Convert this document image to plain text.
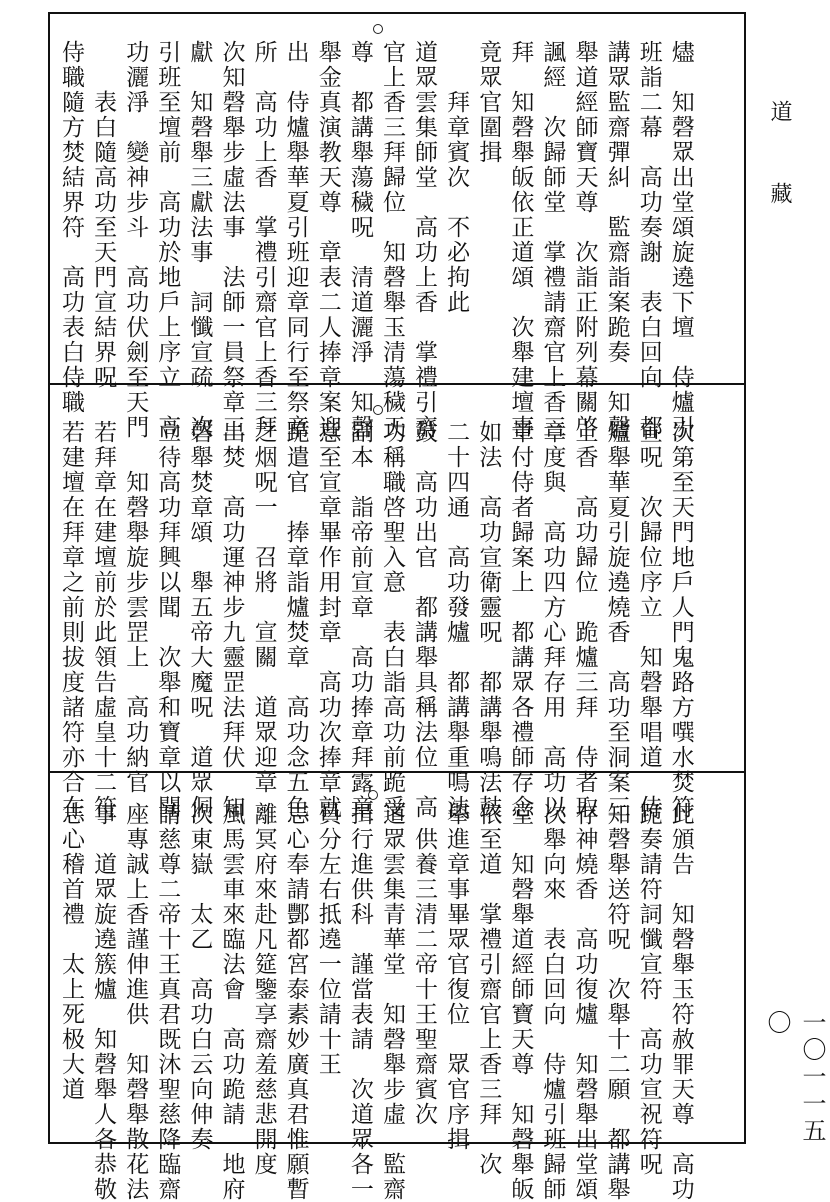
道
藏
一〇一一五〇
燼　知磬眾出堂頌旋遶下壇　侍爐引
班詣二幕　高功奏謝　表白回向　都
講眾監齋彈糾　監齋詣案跪奏　知磬
舉道經師寶天尊　次詣正附列幕關啓
諷經　次歸師堂　掌禮請齋官上香三
拜　知磬舉皈依正道頌　次舉建壇事
竟眾官圍揖
　　拜章賓次　不必拘此
道眾雲集師堂　高功上香　掌禮引齋
官上香三拜歸位　知磬舉玉清蕩穢天
尊　都講舉蕩穢呪　清道灑淨　知磬
舉金真演教天尊　章表二人捧章案迎
出　侍爐舉華夏引班迎章同行至祭章
所　高功上香　掌禮引齋官上香三拜
次知磬舉步虛法事　法師一員祭章三
獻　知磬舉三獻法事　詞懺宣疏　次
引班至壇前　高功於地戶上序立　高
功灑淨　變神步斗　高功伏劍至天門
　　表白隨高功至天門宣結界呪
侍職隨方焚結界符　高功表白侍職
次第至天門地戶人門鬼路方噀水焚符
宣呪　次歸位序立　知磬舉唱道　侍
爐舉華夏引旋遶燒香　高功至洞案三
上香　高功歸位　跪爐三拜　侍者取
章度與　高功四方心拜存用　高功以
章付侍者歸案上　都講眾各禮師存念
如法　高功宣衛靈呪　都講舉鳴法鼓
二十四通　高功發爐　都講舉重鳴法
鼓　高功出官　都講舉具稱法位　高
功稱職啓聖入意　表白詣高功前跪受
副本　詣帝前宣章　高功捧章拜露章
意至宣章畢作用封章　高功次捧章就
跪遣官　捧章詣爐焚章　高功念五色
之烟呪一　召將　宣關　道眾迎章
出焚　高功運神步九靈罡法拜伏　知
磬舉焚章頌　舉五帝大魔呪　道眾侗
立待高功拜興以聞　次舉和寶章以聞
　　知磬舉旋步雲罡上　高功納官
若拜章在建壇前於此領告虛皇十二符
若建壇在拜章之前則拔度諸符亦合在
此頒告　知磬舉玉符赦罪天尊　高功
跪奏請符詞懺宣符　高功宣祝符呪
知磬舉送符呪　次舉十二願　都講舉
存神燒香　高功復爐　知磬舉出堂頌
次舉向來　表白回向　侍爐引班歸師
堂　知磬舉道經師寶天尊　知磬舉皈
依至道　掌禮引齋官上香三拜　次
舉進章事畢眾官復位　眾官序揖
　供養三清二帝十王聖齋賓次
道眾雲集青華堂　知磬舉步虛　監齋
揖行進供科　謹當表請　次道眾各一
員分左右抵遶一位請十王
志心奉請酆都宮泰素妙廣真君惟願暫
離冥府來赴凡筵鑒享齋羞慈悲開度
風馬雲車來臨法會　高功跪請　地府
次東嶽　太乙　高功白云向伸奏
請慈尊二帝十王真君既沐聖慈降臨齋
座專誠上香謹伸進供　知磬舉散花法
事　道眾旋遶簇爐　知磬舉人各恭敬
志心稽首禮　太上死极大道
